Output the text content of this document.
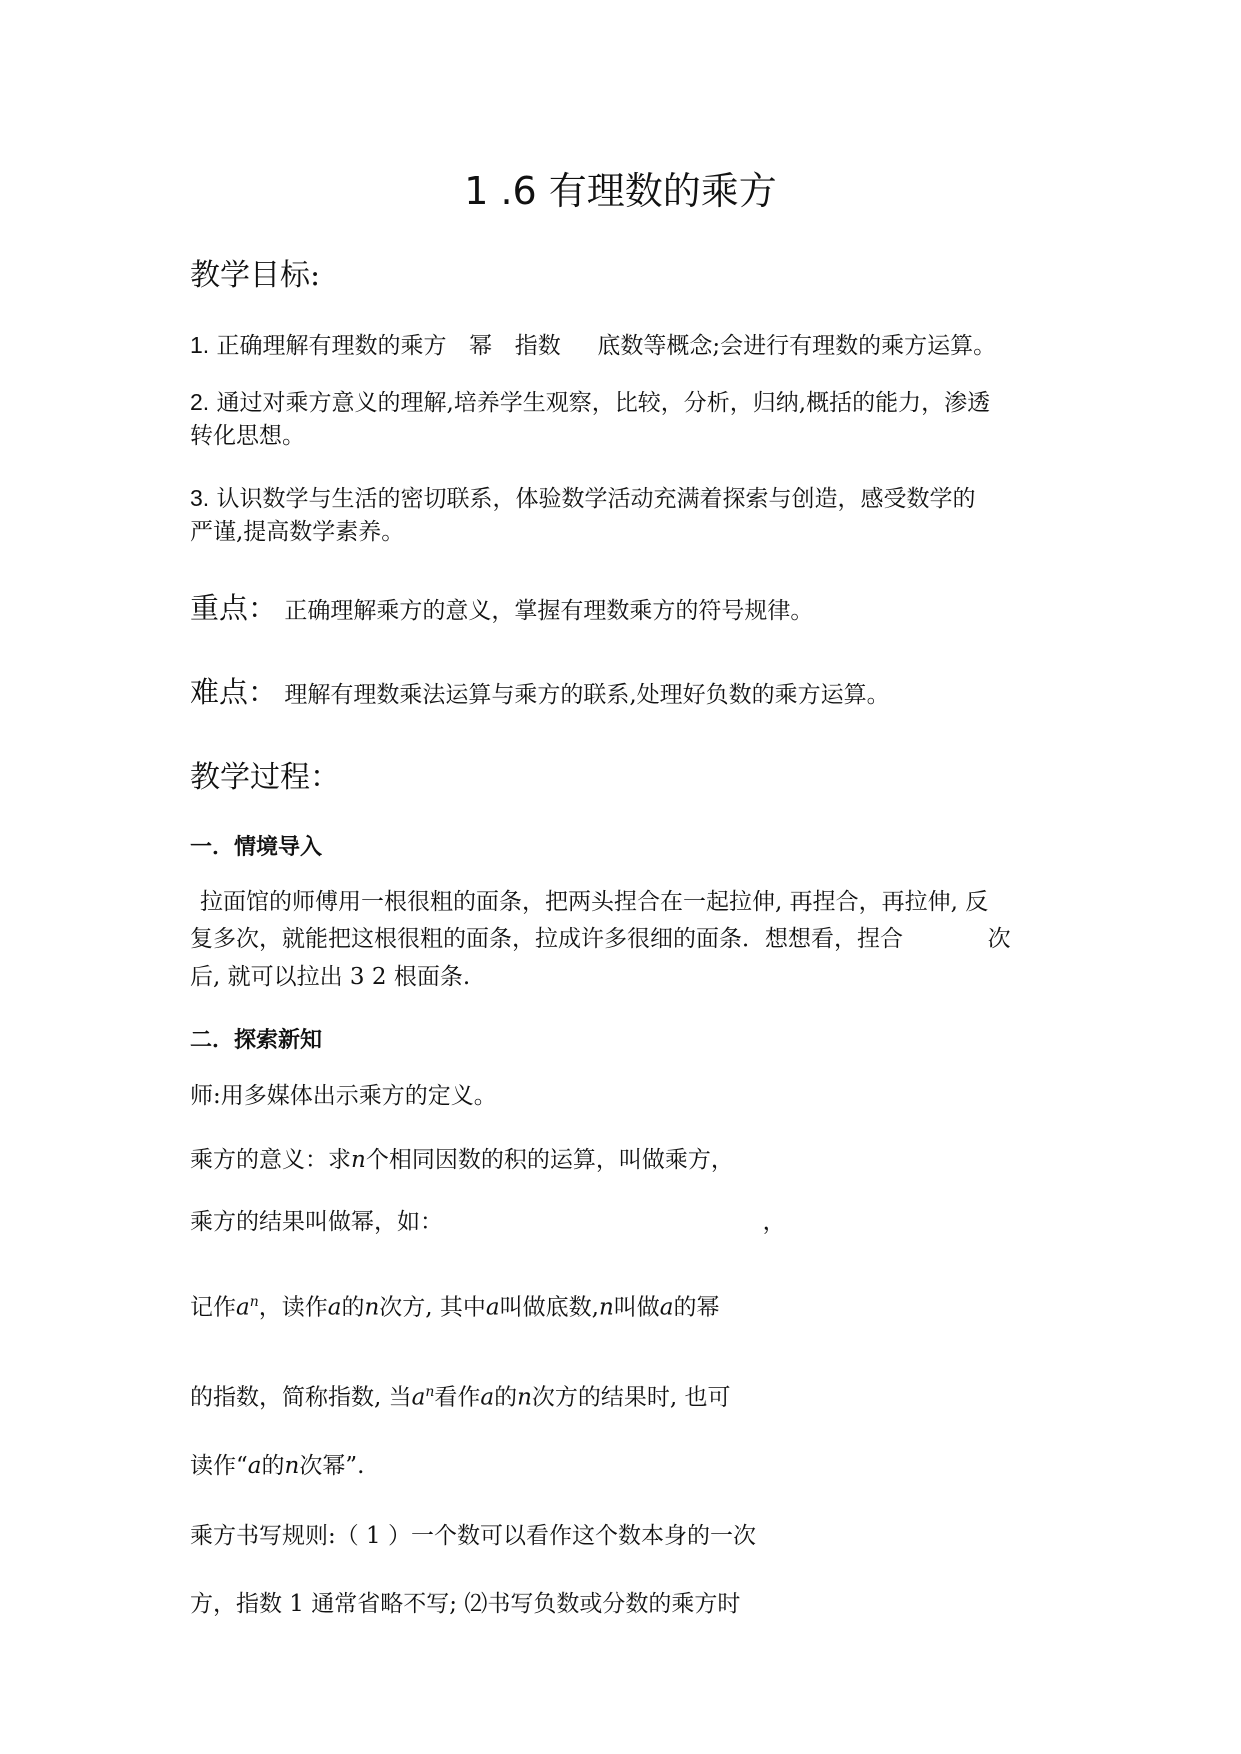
1 .6 有理数的乘方
教学目标:
1. 正确理解有理数的乘方 幂 指数 底数等概念;会进行有理数的乘方运算。
2. 通过对乘方意义的理解,培养学生观察，比较，分析，归纳,概括的能力，渗透
转化思想。
3. 认识数学与生活的密切联系，体验数学活动充满着探索与创造，感受数学的
严谨,提高数学素养。
重点： 正确理解乘方的意义，掌握有理数乘方的符号规律。
难点： 理解有理数乘法运算与乘方的联系,处理好负数的乘方运算。
教学过程：
一．情境导入
拉面馆的师傅用一根很粗的面条，把两头捏合在一起拉伸, 再捏合，再拉伸, 反
复多次，就能把这根很粗的面条，拉成许多很细的面条．想想看，捏合	次
后, 就可以拉出 3 2 根面条.
二．探索新知
师:用多媒体出示乘方的定义。
乘方的意义：求n个相同因数的积的运算，叫做乘方，
乘方的结果叫做幂，如：	，
记作$a^n$，读作a的n次方, 其中a叫做底数,n叫做a的幂
的指数，简称指数, 当$a^n$看作a的n次方的结果时, 也可
读作“a的n次幂”.
乘方书写规则:（ 1 ）一个数可以看作这个数本身的一次
方，指数 1 通常省略不写; ⑵书写负数或分数的乘方时
